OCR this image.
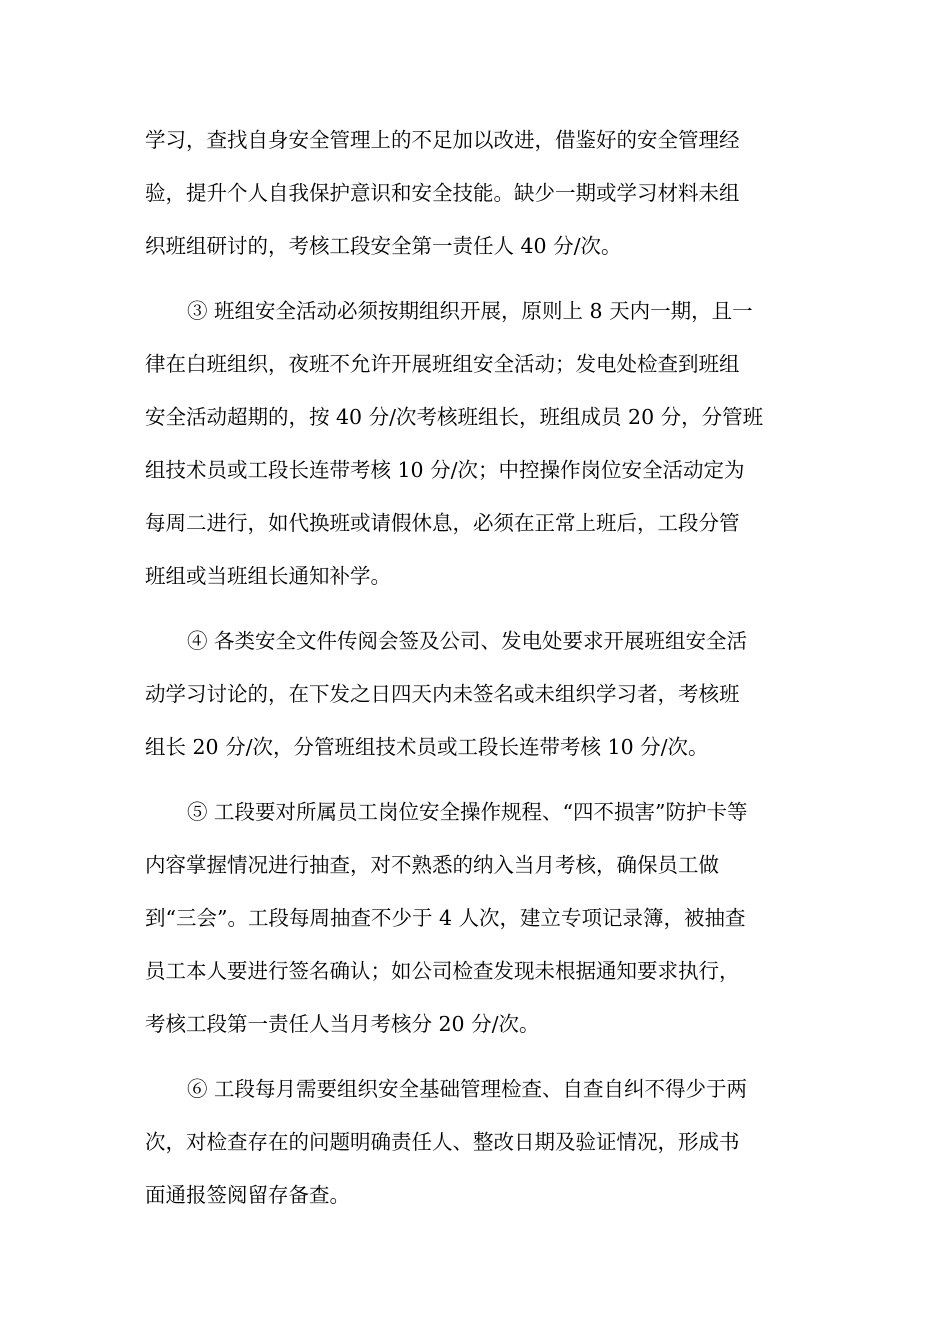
学习，查找自身安全管理上的不足加以改进，借鉴好的安全管理经
验，提升个人自我保护意识和安全技能。缺少一期或学习材料未组
织班组研讨的，考核工段安全第一责任人 40 分/次。
③ 班组安全活动必须按期组织开展，原则上 8 天内一期，且一
律在白班组织，夜班不允许开展班组安全活动；发电处检查到班组
安全活动超期的，按 40 分/次考核班组长，班组成员 20 分，分管班
组技术员或工段长连带考核 10 分/次；中控操作岗位安全活动定为
每周二进行，如代换班或请假休息，必须在正常上班后，工段分管
班组或当班组长通知补学。
④ 各类安全文件传阅会签及公司、发电处要求开展班组安全活
动学习讨论的，在下发之日四天内未签名或未组织学习者，考核班
组长 20 分/次，分管班组技术员或工段长连带考核 10 分/次。
⑤ 工段要对所属员工岗位安全操作规程、“四不损害”防护卡等
内容掌握情况进行抽查，对不熟悉的纳入当月考核，确保员工做
到“三会”。工段每周抽查不少于 4 人次，建立专项记录簿，被抽查
员工本人要进行签名确认；如公司检查发现未根据通知要求执行，
考核工段第一责任人当月考核分 20 分/次。
⑥ 工段每月需要组织安全基础管理检查、自查自纠不得少于两
次，对检查存在的问题明确责任人、整改日期及验证情况，形成书
面通报签阅留存备查。
